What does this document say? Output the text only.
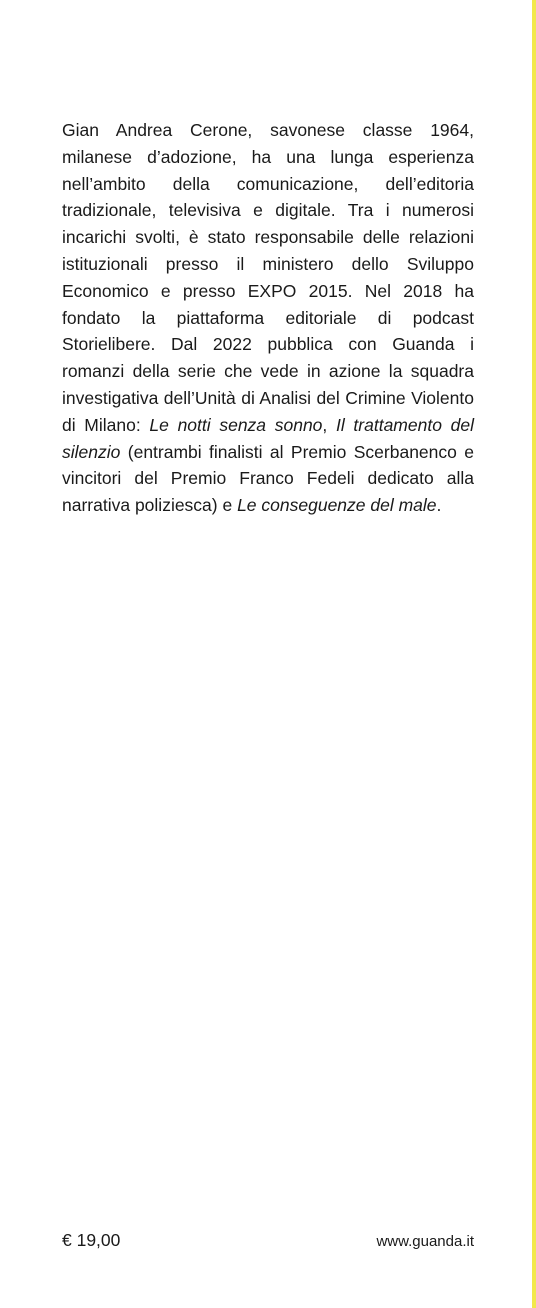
Gian Andrea Cerone, savonese classe 1964, milanese d’adozione, ha una lunga esperienza nell’ambito della comunicazione, dell’editoria tradizionale, televisiva e digitale. Tra i numerosi incarichi svolti, è stato responsabile delle relazioni istituzionali presso il ministero dello Sviluppo Economico e presso EXPO 2015. Nel 2018 ha fondato la piattaforma editoriale di podcast Storielibere. Dal 2022 pubblica con Guanda i romanzi della serie che vede in azione la squadra investigativa dell’Unità di Analisi del Crimine Violento di Milano: Le notti senza sonno, Il trattamento del silenzio (entrambi finalisti al Premio Scerbanenco e vincitori del Premio Franco Fedeli dedicato alla narrativa poliziesca) e Le conseguenze del male.

€ 19,00	www.guanda.it
